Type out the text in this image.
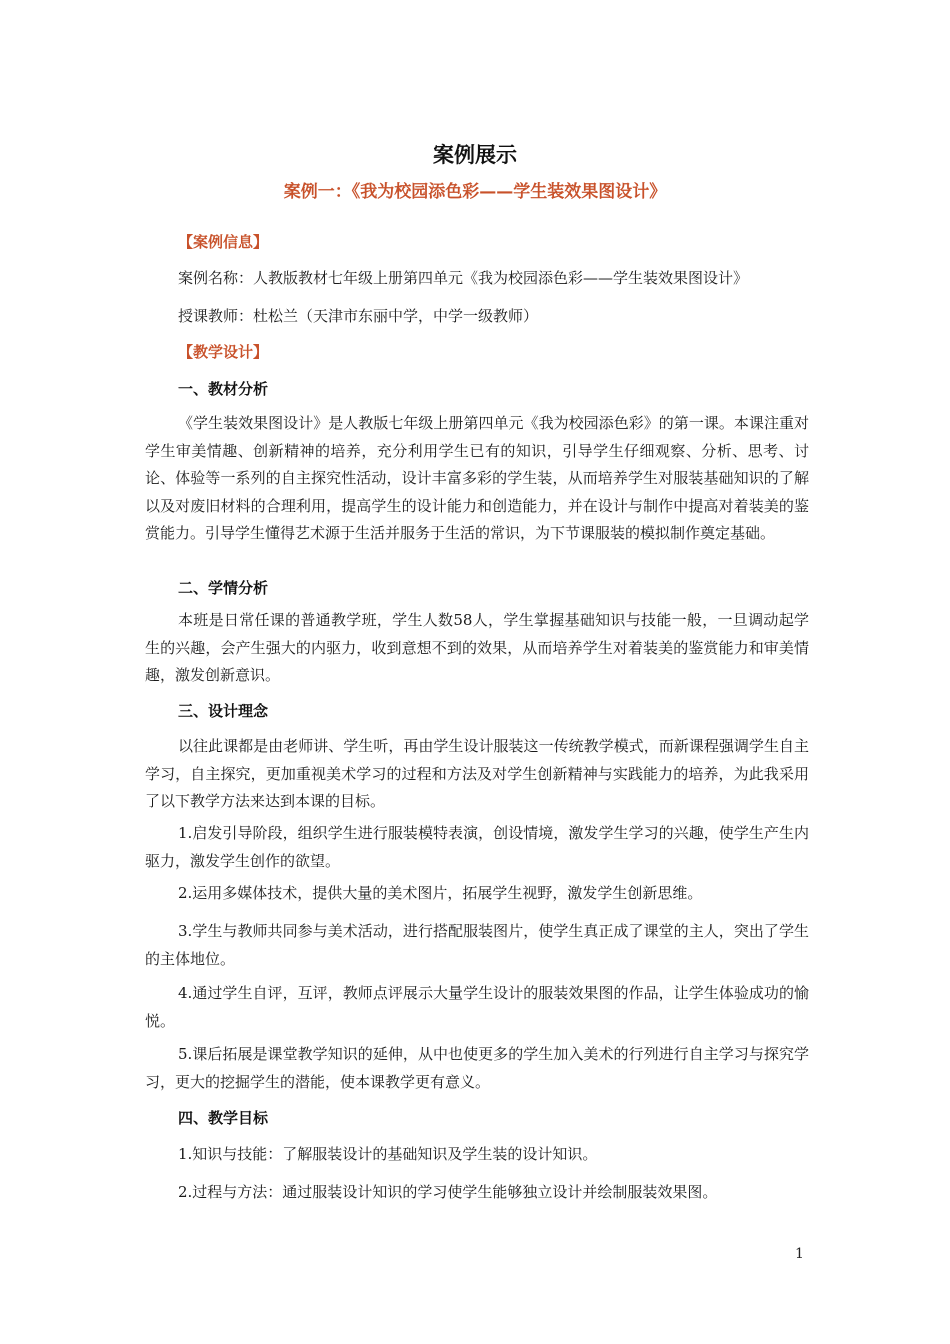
案例展示
案例一：《我为校园添色彩——学生装效果图设计》
【案例信息】
案例名称：人教版教材七年级上册第四单元《我为校园添色彩——学生装效果图设计》
授课教师：杜松兰（天津市东丽中学，中学一级教师）
【教学设计】
一、教材分析
《学生装效果图设计》是人教版七年级上册第四单元《我为校园添色彩》的第一课。本课注重对学生审美情趣、创新精神的培养，充分利用学生已有的知识，引导学生仔细观察、分析、思考、讨论、体验等一系列的自主探究性活动，设计丰富多彩的学生装，从而培养学生对服装基础知识的了解以及对废旧材料的合理利用，提高学生的设计能力和创造能力，并在设计与制作中提高对着装美的鉴赏能力。引导学生懂得艺术源于生活并服务于生活的常识，为下节课服装的模拟制作奠定基础。
二、学情分析
本班是日常任课的普通教学班，学生人数58人，学生掌握基础知识与技能一般，一旦调动起学生的兴趣，会产生强大的内驱力，收到意想不到的效果，从而培养学生对着装美的鉴赏能力和审美情趣，激发创新意识。
三、设计理念
以往此课都是由老师讲、学生听，再由学生设计服装这一传统教学模式，而新课程强调学生自主学习，自主探究，更加重视美术学习的过程和方法及对学生创新精神与实践能力的培养，为此我采用了以下教学方法来达到本课的目标。
1.启发引导阶段，组织学生进行服装模特表演，创设情境，激发学生学习的兴趣，使学生产生内驱力，激发学生创作的欲望。
2.运用多媒体技术，提供大量的美术图片，拓展学生视野，激发学生创新思维。
3.学生与教师共同参与美术活动，进行搭配服装图片，使学生真正成了课堂的主人，突出了学生的主体地位。
4.通过学生自评，互评，教师点评展示大量学生设计的服装效果图的作品，让学生体验成功的愉悦。
5.课后拓展是课堂教学知识的延伸，从中也使更多的学生加入美术的行列进行自主学习与探究学习，更大的挖掘学生的潜能，使本课教学更有意义。
四、教学目标
1.知识与技能：了解服装设计的基础知识及学生装的设计知识。
2.过程与方法：通过服装设计知识的学习使学生能够独立设计并绘制服装效果图。
1
